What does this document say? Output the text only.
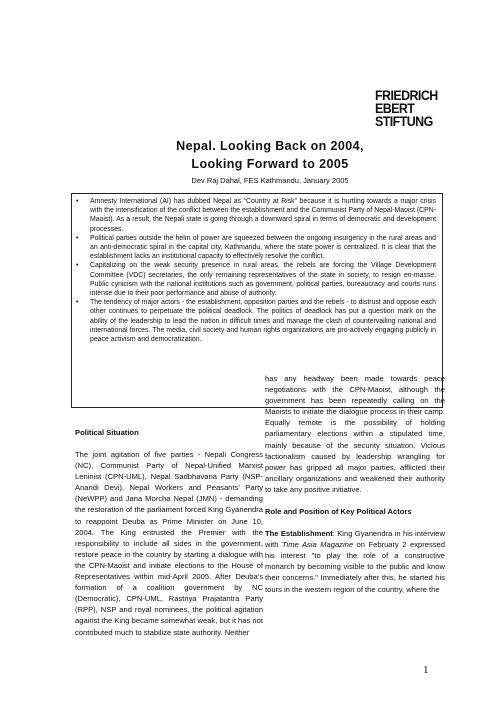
FRIEDRICH
EBERT
STIFTUNG
Nepal. Looking Back on 2004,
Looking Forward to 2005
Dev Raj Dahal, FES Kathmandu, January 2005
• Amnesty International (AI) has dubbed Nepal as “Country at Risk” because it is hurtling towards a major crisis with the intensification of the conflict between the establishment and the Communist Party of Nepal-Maoist (CPN-Maoist). As a result, the Nepali state is going through a downward spiral in terms of democratic and development processes.
• Political parties outside the helm of power are squeezed between the ongoing insurgency in the rural areas and an anti-democratic spiral in the capital city, Kathmandu, where the state power is centralized. It is clear that the establishment lacks an institutional capacity to effectively resolve the conflict.
• Capitalizing on the weak security presence in rural areas, the rebels are forcing the Village Development Committee (VDC) secretaries, the only remaining representatives of the state in society, to resign en-masse. Public cynicism with the national institutions such as government, political parties, bureaucracy and courts runs intense due to their poor performance and abuse of authority.
• The tendency of major actors - the establishment, opposition parties and the rebels - to distrust and oppose each other continues to perpetuate the political deadlock. The politics of deadlock has put a question mark on the ability of the leadership to lead the nation in difficult times and manage the clash of countervailing national and international forces. The media, civil society and human rights organizations are pro-actively engaging publicly in peace activism and democratization.
Political Situation

The joint agitation of five parties - Nepali Congress (NC), Communist Party of Nepal-Unified Marxist Leninist (CPN-UML), Nepal Sadbhavana Party (NSP-Anandi Devi), Nepal Workers and Peasants' Party (NeWPP) and Jana Morcha Nepal (JMN) - demanding the restoration of the parliament forced King Gyanendra to reappoint Deuba as Prime Minister on June 10, 2004. The King entrusted the Premier with the responsibility to include all sides in the government, restore peace in the country by starting a dialogue with the CPN-Maoist and initiate elections to the House of Representatives within mid-April 2005. After Deuba's formation of a coalition government by NC (Democratic), CPN-UML, Rastriya Prajatantra Party (RPP), NSP and royal nominees, the political agitation against the King became somewhat weak, but it has not contributed much to stabilize state authority. Neither

has any headway been made towards peace negotiations with the CPN-Maoist, although the government has been repeatedly calling on the Maoists to initiate the dialogue process in their camp. Equally remote is the possibility of holding parliamentary elections within a stipulated time, mainly because of the security situation. Vicious factionalism caused by leadership wrangling for power has gripped all major parties, afflicted their ancillary organizations and weakened their authority to take any positive initiative.

Role and Position of Key Political Actors

The Establishment: King Gyanendra in his interview with Time Asia Magazine on February 2 expressed his interest "to play the role of a constructive monarch by becoming visible to the public and know their concerns." Immediately after this, he started his tours in the western region of the country, where the

1
